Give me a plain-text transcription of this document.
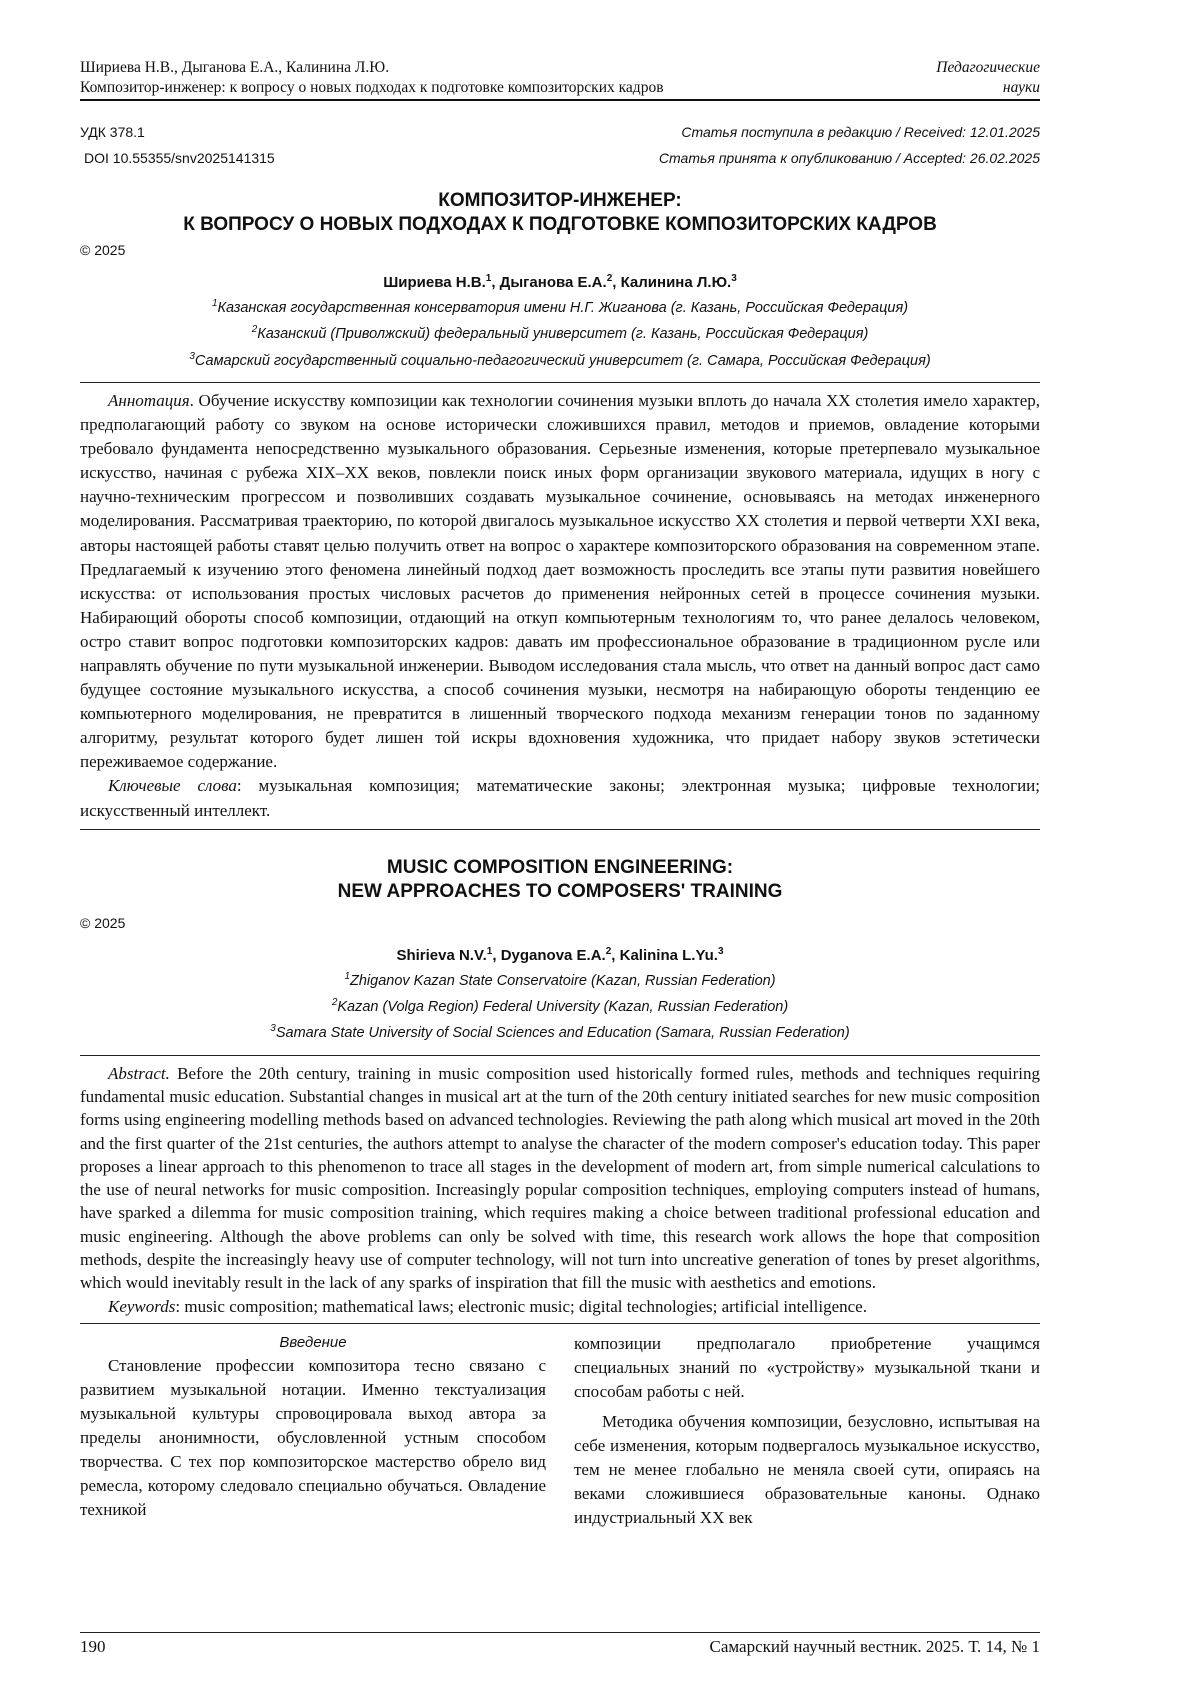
Шириева Н.В., Дыганова Е.А., Калинина Л.Ю.
Композитор-инженер: к вопросу о новых подходах к подготовке композиторских кадров
Педагогические
науки
УДК 378.1
DOI 10.55355/snv2025141315
Статья поступила в редакцию / Received: 12.01.2025
Статья принята к опубликованию / Accepted: 26.02.2025
КОМПОЗИТОР-ИНЖЕНЕР:
К ВОПРОСУ О НОВЫХ ПОДХОДАХ К ПОДГОТОВКЕ КОМПОЗИТОРСКИХ КАДРОВ
© 2025
Шириева Н.В.1, Дыганова Е.А.2, Калинина Л.Ю.3
1Казанская государственная консерватория имени Н.Г. Жиганова (г. Казань, Российская Федерация)
2Казанский (Приволжский) федеральный университет (г. Казань, Российская Федерация)
3Самарский государственный социально-педагогический университет (г. Самара, Российская Федерация)
Аннотация. Обучение искусству композиции как технологии сочинения музыки вплоть до начала XX столетия имело характер, предполагающий работу со звуком на основе исторически сложившихся правил, методов и приемов, овладение которыми требовало фундамента непосредственно музыкального образования. Серьезные изменения, которые претерпевало музыкальное искусство, начиная с рубежа XIX–XX веков, повлекли поиск иных форм организации звукового материала, идущих в ногу с научно-техническим прогрессом и позволивших создавать музыкальное сочинение, основываясь на методах инженерного моделирования. Рассматривая траекторию, по которой двигалось музыкальное искусство XX столетия и первой четверти XXI века, авторы настоящей работы ставят целью получить ответ на вопрос о характере композиторского образования на современном этапе. Предлагаемый к изучению этого феномена линейный подход дает возможность проследить все этапы пути развития новейшего искусства: от использования простых числовых расчетов до применения нейронных сетей в процессе сочинения музыки. Набирающий обороты способ композиции, отдающий на откуп компьютерным технологиям то, что ранее делалось человеком, остро ставит вопрос подготовки композиторских кадров: давать им профессиональное образование в традиционном русле или направлять обучение по пути музыкальной инженерии. Выводом исследования стала мысль, что ответ на данный вопрос даст само будущее состояние музыкального искусства, а способ сочинения музыки, несмотря на набирающую обороты тенденцию ее компьютерного моделирования, не превратится в лишенный творческого подхода механизм генерации тонов по заданному алгоритму, результат которого будет лишен той искры вдохновения художника, что придает набору звуков эстетически переживаемое содержание.
Ключевые слова: музыкальная композиция; математические законы; электронная музыка; цифровые технологии; искусственный интеллект.
MUSIC COMPOSITION ENGINEERING:
NEW APPROACHES TO COMPOSERS' TRAINING
© 2025
Shirieva N.V.1, Dyganova E.A.2, Kalinina L.Yu.3
1Zhiganov Kazan State Conservatoire (Kazan, Russian Federation)
2Kazan (Volga Region) Federal University (Kazan, Russian Federation)
3Samara State University of Social Sciences and Education (Samara, Russian Federation)
Abstract. Before the 20th century, training in music composition used historically formed rules, methods and techniques requiring fundamental music education. Substantial changes in musical art at the turn of the 20th century initiated searches for new music composition forms using engineering modelling methods based on advanced technologies. Reviewing the path along which musical art moved in the 20th and the first quarter of the 21st centuries, the authors attempt to analyse the character of the modern composer's education today. This paper proposes a linear approach to this phenomenon to trace all stages in the development of modern art, from simple numerical calculations to the use of neural networks for music composition. Increasingly popular composition techniques, employing computers instead of humans, have sparked a dilemma for music composition training, which requires making a choice between traditional professional education and music engineering. Although the above problems can only be solved with time, this research work allows the hope that composition methods, despite the increasingly heavy use of computer technology, will not turn into uncreative generation of tones by preset algorithms, which would inevitably result in the lack of any sparks of inspiration that fill the music with aesthetics and emotions.
Keywords: music composition; mathematical laws; electronic music; digital technologies; artificial intelligence.
Введение

Становление профессии композитора тесно связано с развитием музыкальной нотации. Именно текстуализация музыкальной культуры спровоцировала выход автора за пределы анонимности, обусловленной устным способом творчества. С тех пор композиторское мастерство обрело вид ремесла, которому следовало специально обучаться. Овладение техникой

композиции предполагало приобретение учащимся специальных знаний по «устройству» музыкальной ткани и способам работы с ней.

Методика обучения композиции, безусловно, испытывая на себе изменения, которым подвергалось музыкальное искусство, тем не менее глобально не меняла своей сути, опираясь на веками сложившиеся образовательные каноны. Однако индустриальный XX век

190	Самарский научный вестник. 2025. Т. 14, № 1
